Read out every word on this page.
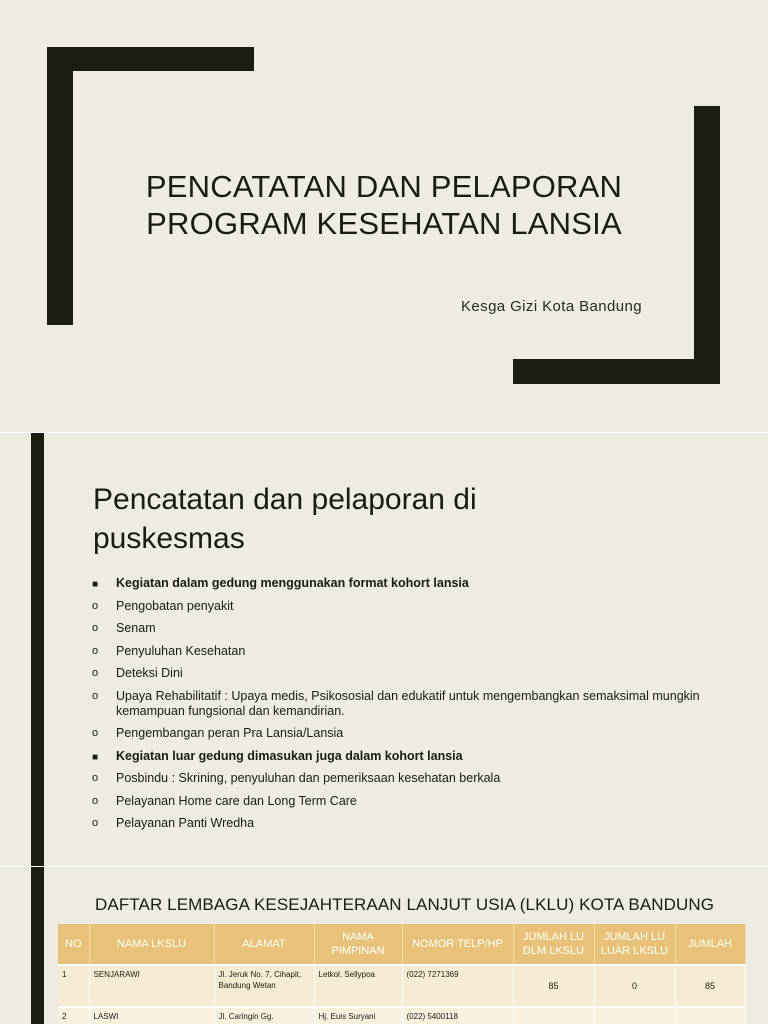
PENCATATAN DAN PELAPORAN
PROGRAM KESEHATAN LANSIA
Kesga Gizi Kota Bandung
Pencatatan dan pelaporan di
puskesmas
■	Kegiatan dalam gedung menggunakan format kohort lansia
o	Pengobatan penyakit
o	Senam
o	Penyuluhan Kesehatan
o	Deteksi Dini
o	Upaya Rehabilitatif : Upaya medis, Psikososial dan edukatif untuk mengembangkan semaksimal mungkin kemampuan fungsional dan kemandirian.
o	Pengembangan peran Pra Lansia/Lansia
■	Kegiatan luar gedung dimasukan juga dalam kohort lansia
o	Posbindu : Skrining, penyuluhan dan pemeriksaan kesehatan berkala
o	Pelayanan Home care dan Long Term Care
o	Pelayanan Panti Wredha
DAFTAR LEMBAGA KESEJAHTERAAN LANJUT USIA (LKLU) KOTA BANDUNG
NO	NAMA LKSLU	ALAMAT	NAMA PIMPINAN	NOMOR TELP/HP	JUMLAH LU DLM LKSLU	JUMLAH LU LUAR LKSLU	JUMLAH
1	SENJARAWI	Jl. Jeruk No. 7, Cihapit, Bandung Wetan	Letkol. Sellypoa	(022) 7271369	85	0	85
2	LASWI	Jl. Caringin Gg.	Hj. Euis Suryani	(022) 5400118			
